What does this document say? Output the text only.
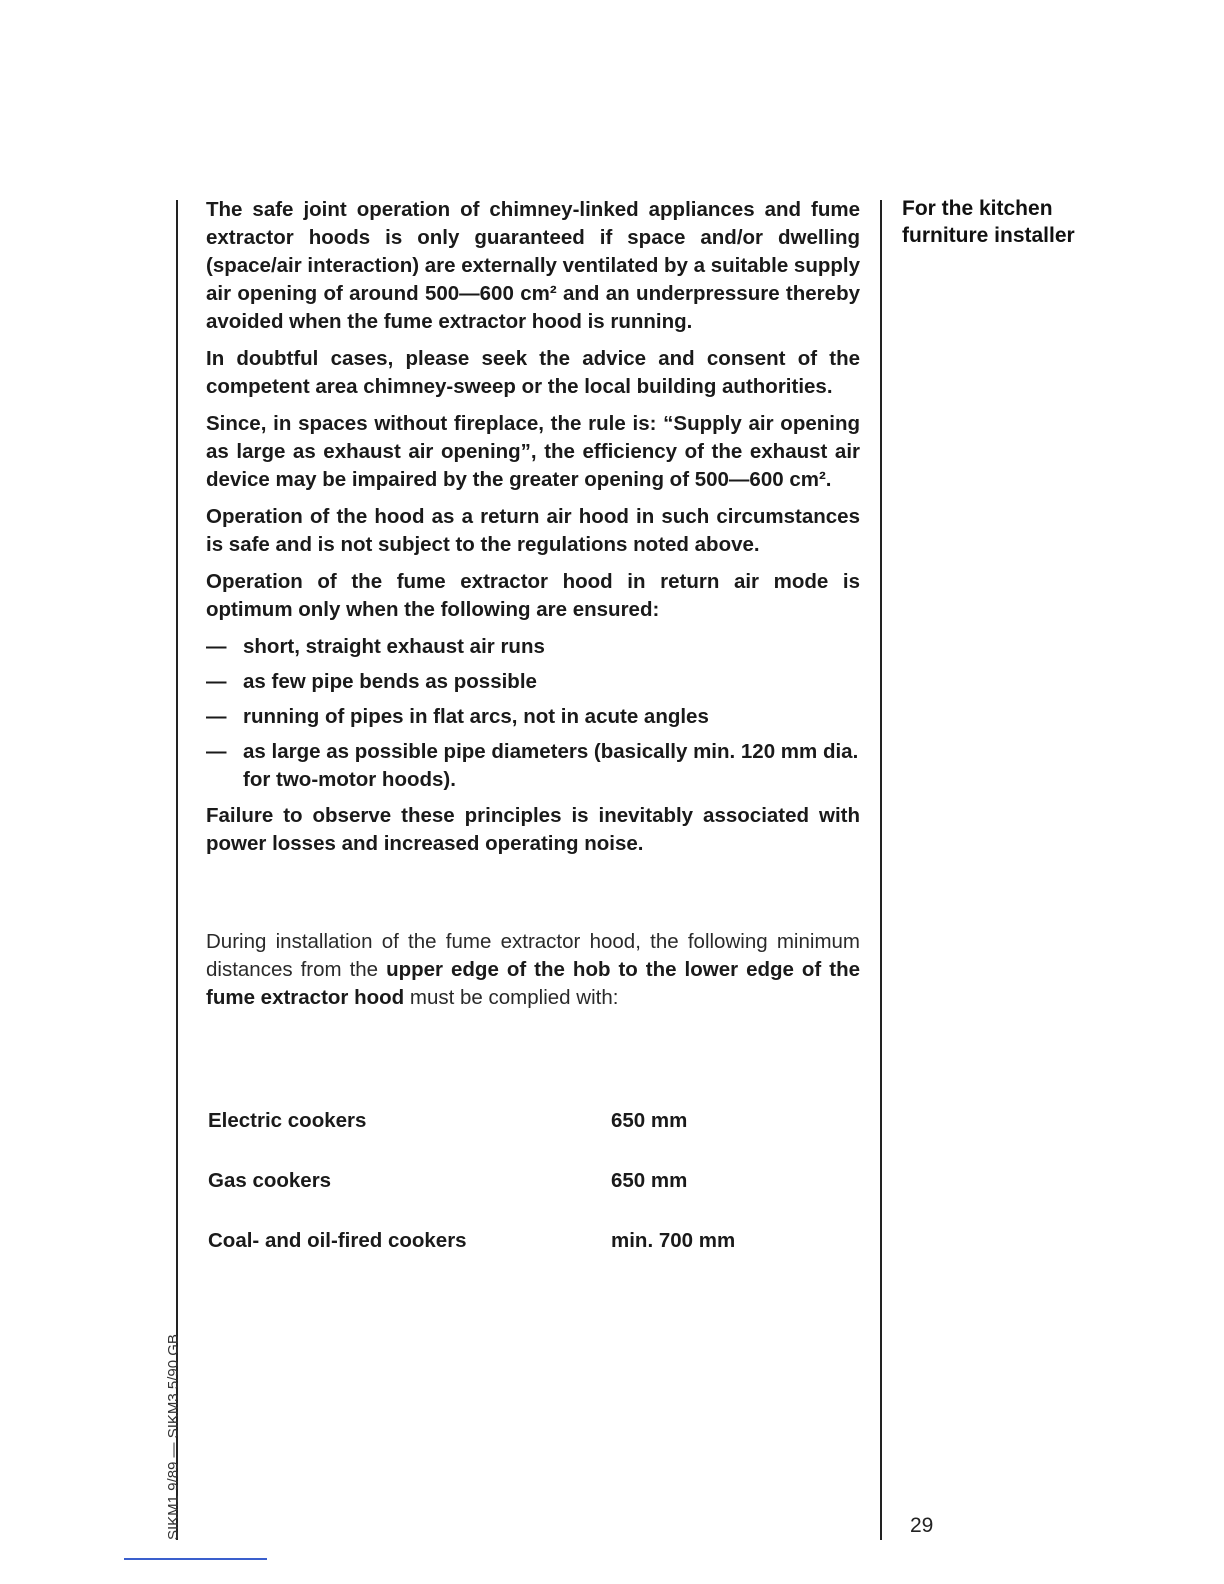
For the kitchen furniture installer

The safe joint operation of chimney-linked appliances and fume extractor hoods is only guaranteed if space and/or dwelling (space/air interaction) are externally ventilated by a suitable supply air opening of around 500—600 cm² and an underpressure thereby avoided when the fume extractor hood is running.

In doubtful cases, please seek the advice and consent of the competent area chimney-sweep or the local building authorities.

Since, in spaces without fireplace, the rule is: “Supply air opening as large as exhaust air opening”, the efficiency of the exhaust air device may be impaired by the greater opening of 500—600 cm².

Operation of the hood as a return air hood in such circumstances is safe and is not subject to the regulations noted above.

Operation of the fume extractor hood in return air mode is optimum only when the following are ensured:

— short, straight exhaust air runs
— as few pipe bends as possible
— running of pipes in flat arcs, not in acute angles
— as large as possible pipe diameters (basically min. 120 mm dia. for two-motor hoods).

Failure to observe these principles is inevitably associated with power losses and increased operating noise.

During installation of the fume extractor hood, the following minimum distances from the upper edge of the hob to the lower edge of the fume extractor hood must be complied with:

Electric cookers	650 mm
Gas cookers	650 mm
Coal- and oil-fired cookers	min. 700 mm
29
SIKM1 9/89 — SIKM3 5/90 GB
